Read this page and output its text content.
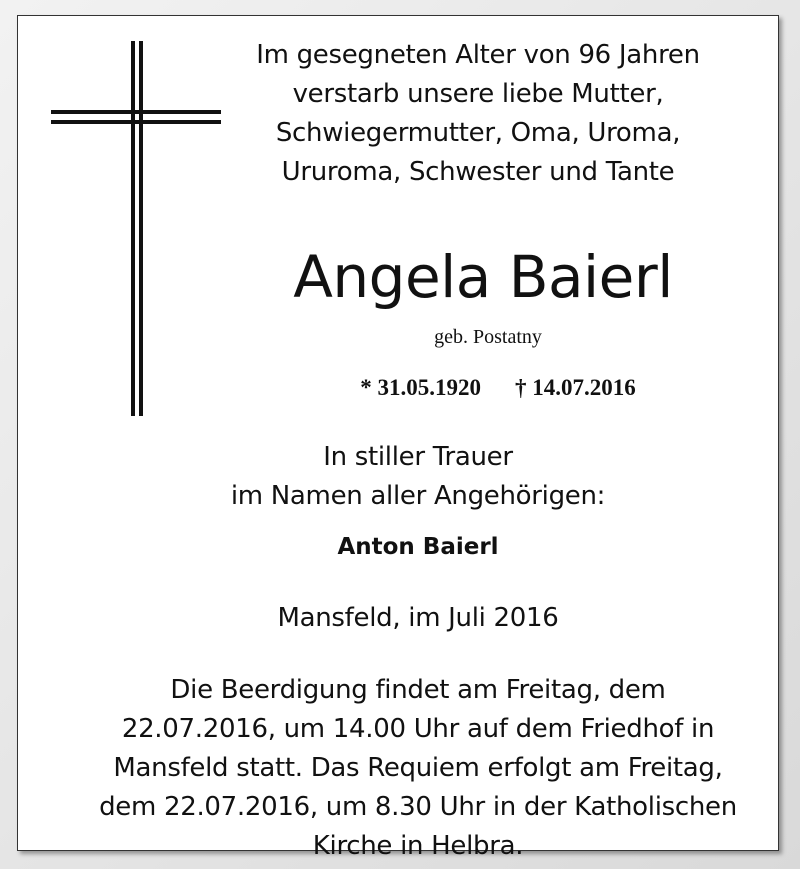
Im gesegneten Alter von 96 Jahren
verstarb unsere liebe Mutter,
Schwiegermutter, Oma, Uroma,
Ururoma, Schwester und Tante
Angela Baierl
geb. Postatny
* 31.05.1920 † 14.07.2016
In stiller Trauer
im Namen aller Angehörigen:
Anton Baierl
Mansfeld, im Juli 2016
Die Beerdigung findet am Freitag, dem
22.07.2016, um 14.00 Uhr auf dem Friedhof in
Mansfeld statt. Das Requiem erfolgt am Freitag,
dem 22.07.2016, um 8.30 Uhr in der Katholischen
Kirche in Helbra.
